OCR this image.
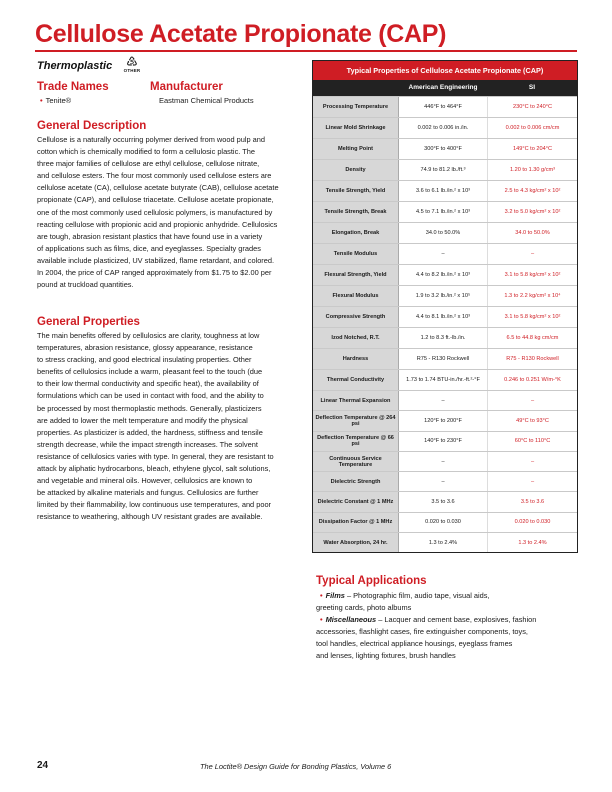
Cellulose Acetate Propionate (CAP)
Thermoplastic	♷
OTHER
Trade Names	Manufacturer
• Tenite®	Eastman Chemical Products
General Description
Cellulose is a naturally occurring polymer derived from wood pulp and
cotton which is chemically modified to form a cellulosic plastic. The
three major families of cellulose are ethyl cellulose, cellulose nitrate,
and cellulose esters. The four most commonly used cellulose esters are
cellulose acetate (CA), cellulose acetate butyrate (CAB), cellulose acetate
propionate (CAP), and cellulose triacetate. Cellulose acetate propionate,
one of the most commonly used cellulosic polymers, is manufactured by
reacting cellulose with propionic acid and propionic anhydride. Cellulosics
are tough, abrasion resistant plastics that have found use in a variety
of applications such as films, dice, and eyeglasses. Specialty grades
available include plasticized, UV stabilized, flame retardant, and colored.
In 2004, the price of CAP ranged approximately from $1.75 to $2.00 per
pound at truckload quantities.
General Properties
The main benefits offered by cellulosics are clarity, toughness at low
temperatures, abrasion resistance, glossy appearance, resistance
to stress cracking, and good electrical insulating properties. Other
benefits of cellulosics include a warm, pleasant feel to the touch (due
to their low thermal conductivity and specific heat), the availability of
formulations which can be used in contact with food, and the ability to
be processed by most thermoplastic methods. Generally, plasticizers
are added to lower the melt temperature and modify the physical
properties. As plasticizer is added, the hardness, stiffness and tensile
strength decrease, while the impact strength increases. The solvent
resistance of cellulosics varies with type. In general, they are resistant to
attack by aliphatic hydrocarbons, bleach, ethylene glycol, salt solutions,
and vegetable and mineral oils. However, cellulosics are known to
be attacked by alkaline materials and fungus. Cellulosics are further
limited by their flammability, low continuous use temperatures, and poor
resistance to weathering, although UV resistant grades are available.
Typical Properties of Cellulose Acetate Propionate (CAP)
American Engineering	SI
Processing Temperature	446°F to 464°F	230°C to 240°C
Linear Mold Shrinkage	0.002 to 0.006 in./in.	0.002 to 0.006 cm/cm
Melting Point	300°F to 400°F	149°C to 204°C
Density	74.9 to 81.2 lb./ft.³	1.20 to 1.30 g/cm³
Tensile Strength, Yield	3.6 to 6.1 lb./in.² x 10³	2.5 to 4.3 kg/cm² x 10²
Tensile Strength, Break	4.5 to 7.1 lb./in.² x 10³	3.2 to 5.0 kg/cm² x 10²
Elongation, Break	34.0 to 50.0%	34.0 to 50.0%
Tensile Modulus	–	–
Flexural Strength, Yield	4.4 to 8.2 lb./in.² x 10³	3.1 to 5.8 kg/cm² x 10²
Flexural Modulus	1.9 to 3.2 lb./in.² x 10⁵	1.3 to 2.2 kg/cm² x 10⁴
Compressive Strength	4.4 to 8.1 lb./in.² x 10³	3.1 to 5.8 kg/cm² x 10²
Izod Notched, R.T.	1.2 to 8.3 ft.-lb./in.	6.5 to 44.8 kg cm/cm
Hardness	R75 - R130 Rockwell	R75 - R130 Rockwell
Thermal Conductivity	1.73 to 1.74 BTU-in./hr.-ft.²-°F	0.246 to 0.251 W/m-°K
Linear Thermal Expansion	–	–
Deflection Temperature @ 264 psi	120°F to 200°F	49°C to 93°C
Deflection Temperature @ 66 psi	140°F to 230°F	60°C to 110°C
Continuous Service Temperature	–	–
Dielectric Strength	–	–
Dielectric Constant @ 1 MHz	3.5 to 3.6	3.5 to 3.6
Dissipation Factor @ 1 MHz	0.020 to 0.030	0.020 to 0.030
Water Absorption, 24 hr.	1.3 to 2.4%	1.3 to 2.4%
Typical Applications
• Films – Photographic film, audio tape, visual aids,
greeting cards, photo albums
• Miscellaneous – Lacquer and cement base, explosives, fashion
accessories, flashlight cases, fire extinguisher components, toys,
tool handles, electrical appliance housings, eyeglass frames
and lenses, lighting fixtures, brush handles
24	The Loctite® Design Guide for Bonding Plastics, Volume 6
